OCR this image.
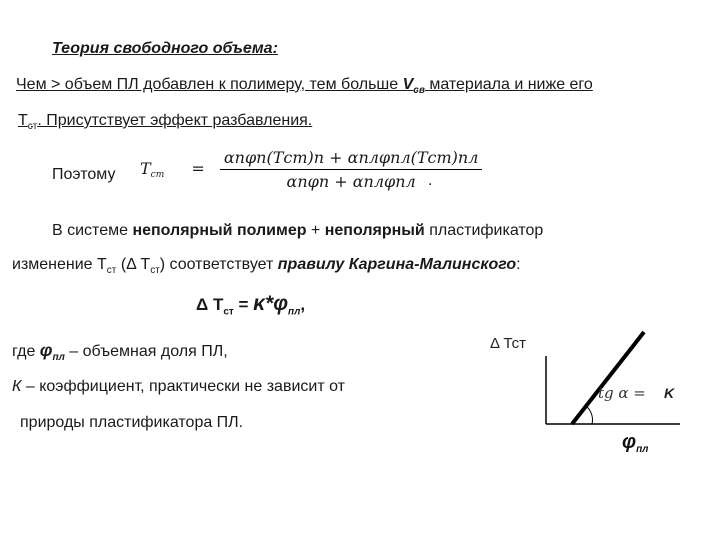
Теория свободного объема:
Чем > объем ПЛ добавлен к полимеру, тем больше $V_{св}$ материала и ниже его
$Т_{ст}$. Присутствует эффект разбавления.
Поэтому Tст = $\frac{\text{αпφп(Tст)п + αплφпл(Tст)пл}}{\text{αпφп + αплφпл}}$
.
В системе неполярный полимер + неполярный пластификатор
изменение $Т_{ст}$ (Δ $Т_{ст}$) соответствует правилу Каргина-Малинского:
Δ $Т_{ст} = \kappa*\varphi_{пл}$,
где $\varphi_{пл}$ – объемная доля ПЛ,
К – коэффициент, практически не зависит от
природы пластификатора ПЛ.
Δ Тст
tg α = K
$\varphi_{пл}$
